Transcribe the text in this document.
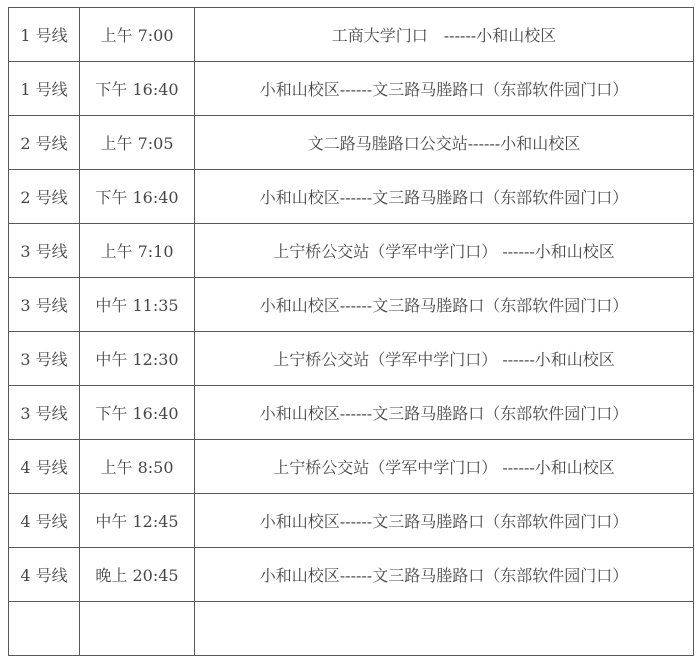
1 号线	上午 7:00	工商大学门口　------小和山校区
1 号线	下午 16:40	小和山校区------文三路马塍路口（东部软件园门口）
2 号线	上午 7:05	文二路马塍路口公交站------小和山校区
2 号线	下午 16:40	小和山校区------文三路马塍路口（东部软件园门口）
3 号线	上午 7:10	上宁桥公交站（学军中学门口） ------小和山校区
3 号线	中午 11:35	小和山校区------文三路马塍路口（东部软件园门口）
3 号线	中午 12:30	上宁桥公交站（学军中学门口） ------小和山校区
3 号线	下午 16:40	小和山校区------文三路马塍路口（东部软件园门口）
4 号线	上午 8:50	上宁桥公交站（学军中学门口） ------小和山校区
4 号线	中午 12:45	小和山校区------文三路马塍路口（东部软件园门口）
4 号线	晚上 20:45	小和山校区------文三路马塍路口（东部软件园门口）
